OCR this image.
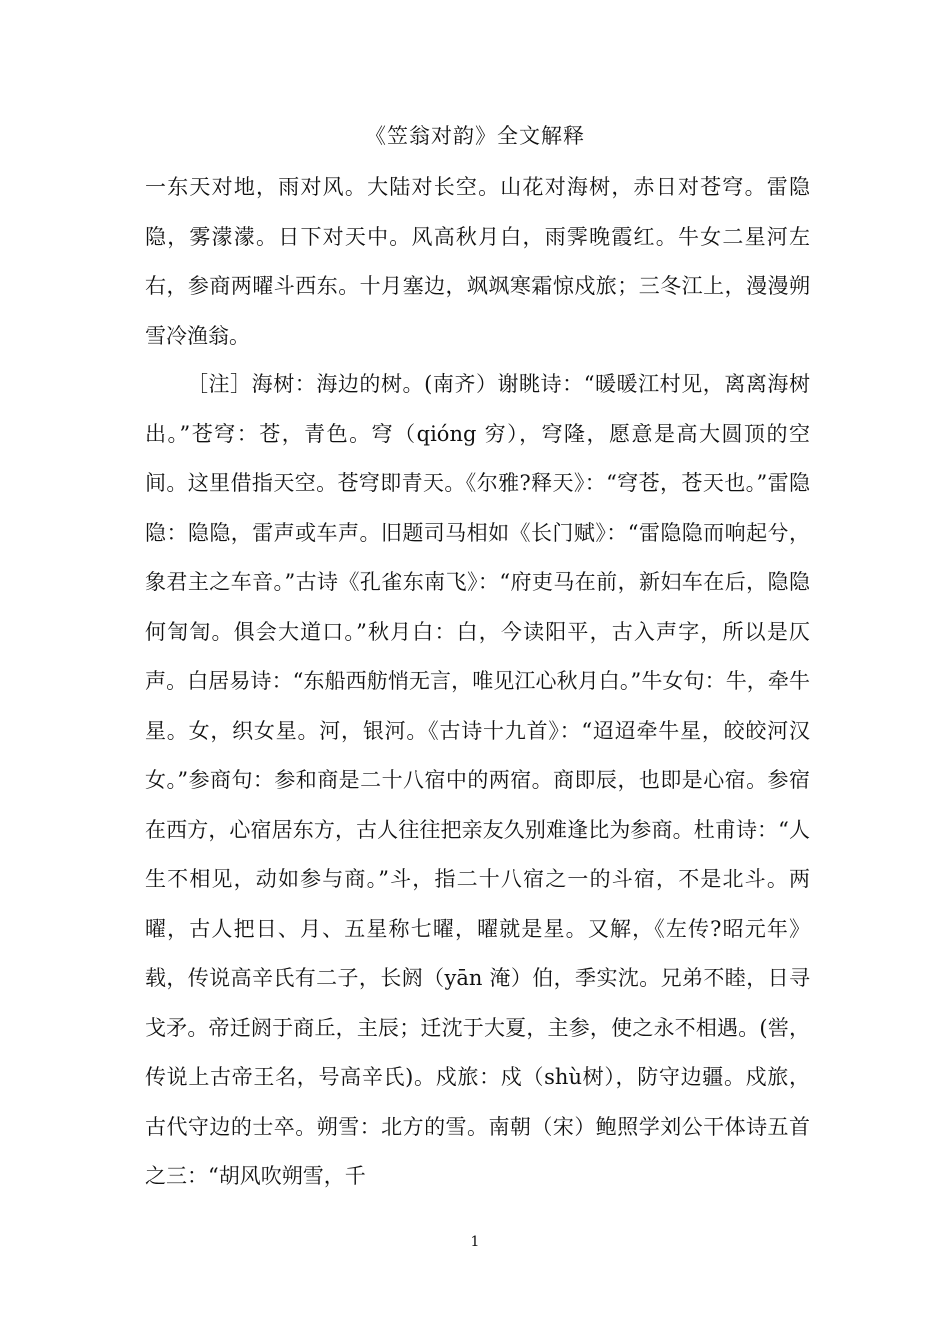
《笠翁对韵》全文解释

一东天对地，雨对风。大陆对长空。山花对海树，赤日对苍穹。雷隐隐，雾濛濛。日下对天中。风高秋月白，雨霁晚霞红。牛女二星河左右，参商两曜斗西东。十月塞边，飒飒寒霜惊戍旅；三冬江上，漫漫朔雪冷渔翁。

［注］海树：海边的树。(南齐）谢眺诗：“暖暖江村见，离离海树出。”苍穹：苍，青色。穹（qióng 穷），穹隆，愿意是高大圆顶的空间。这里借指天空。苍穹即青天。《尔雅?释天》：“穹苍，苍天也。”雷隐隐：隐隐，雷声或车声。旧题司马相如《长门赋》：“雷隐隐而响起兮，象君主之车音。”古诗《孔雀东南飞》：“府吏马在前，新妇车在后，隐隐何訇訇。俱会大道口。”秋月白：白，今读阳平，古入声字，所以是仄声。白居易诗：“东船西舫悄无言，唯见江心秋月白。”牛女句：牛，牵牛星。女，织女星。河，银河。《古诗十九首》：“迢迢牵牛星，皎皎河汉女。”参商句：参和商是二十八宿中的两宿。商即辰，也即是心宿。参宿在西方，心宿居东方，古人往往把亲友久别难逢比为参商。杜甫诗：“人生不相见，动如参与商。”斗，指二十八宿之一的斗宿，不是北斗。两曜，古人把日、月、五星称七曜，曜就是星。又解，《左传?昭元年》载，传说高辛氏有二子，长阏（yān 淹）伯，季实沈。兄弟不睦，日寻戈矛。帝迁阏于商丘，主辰；迁沈于大夏，主参，使之永不相遇。(喾，传说上古帝王名，号高辛氏)。戍旅：戍（shù树），防守边疆。戍旅，古代守边的士卒。朔雪：北方的雪。南朝（宋）鲍照学刘公干体诗五首之三：“胡风吹朔雪，千

1
